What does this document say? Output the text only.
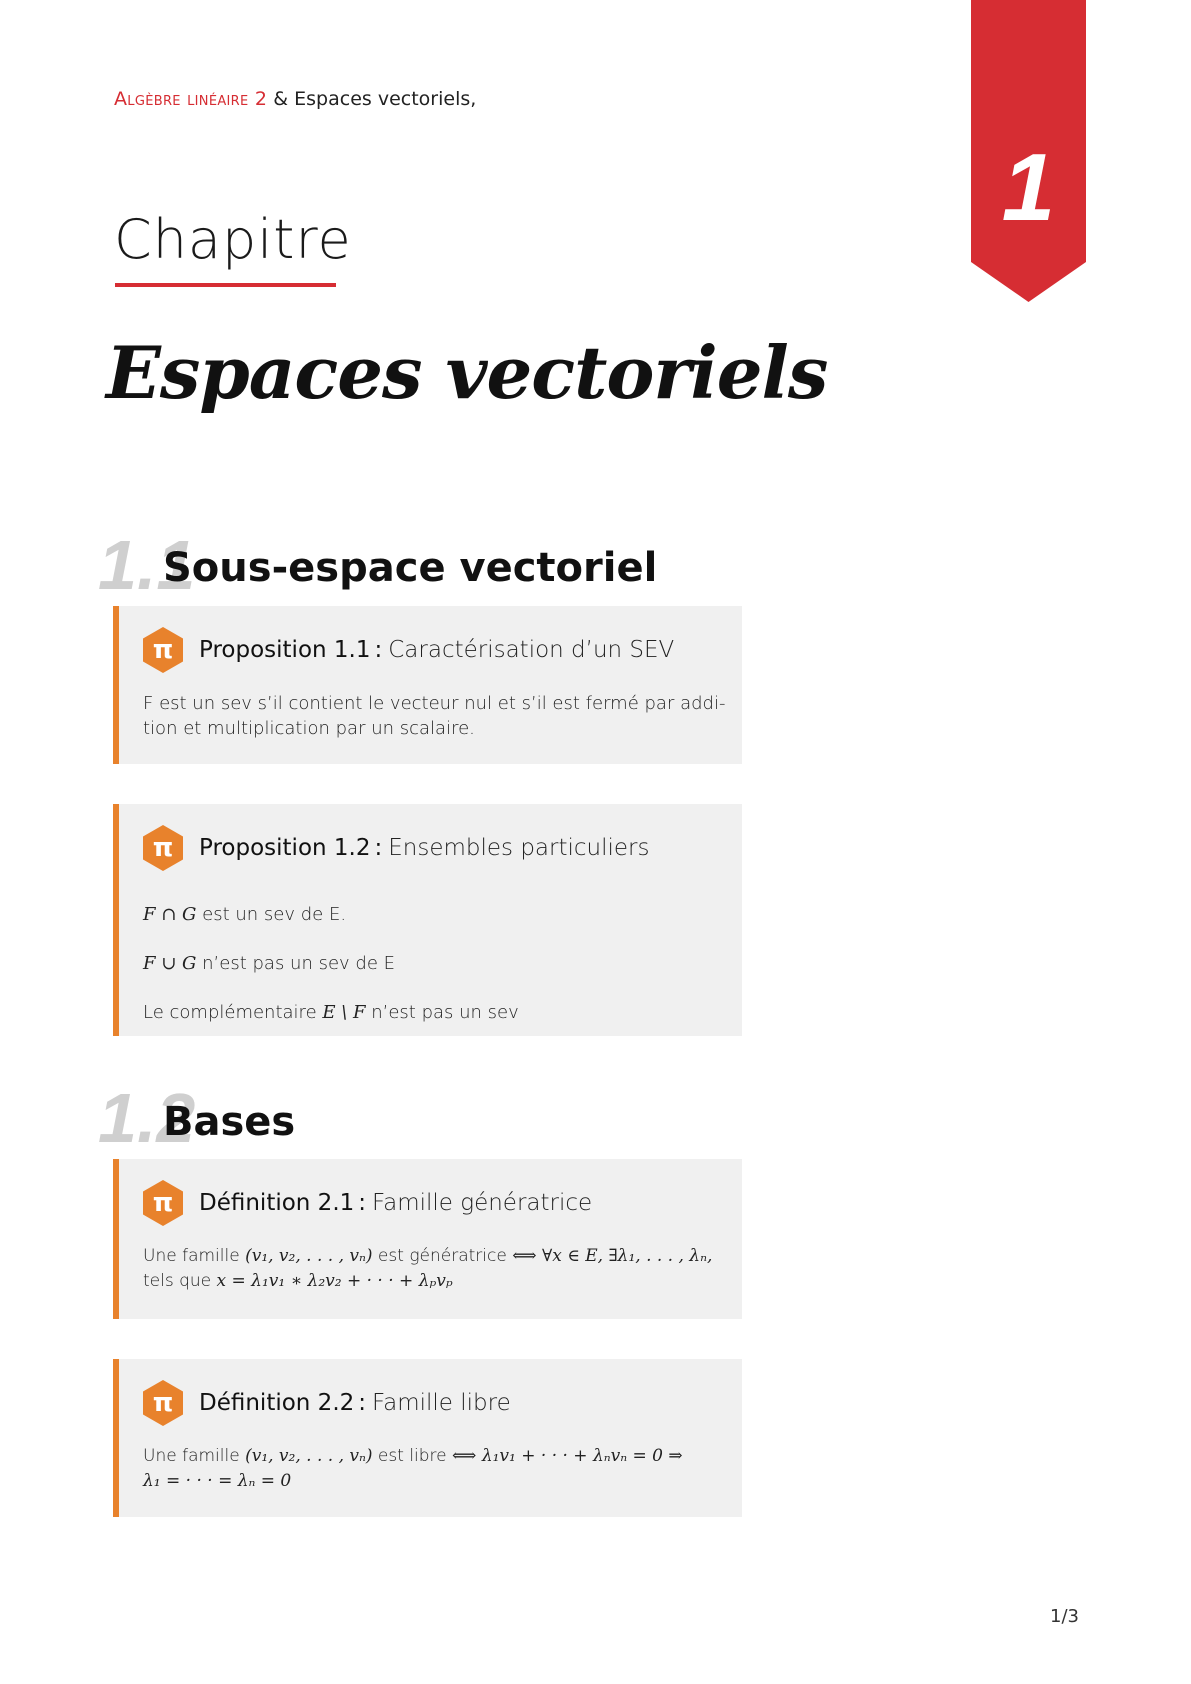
Algèbre linéaire 2 & Espaces vectoriels,
1
Chapitre
Espaces vectoriels
1.1
Sous-espace vectoriel
π	Proposition 1.1 : Caractérisation d’un SEV
F est un sev s’il contient le vecteur nul et s’il est fermé par addi-
tion et multiplication par un scalaire.
π	Proposition 1.2 : Ensembles particuliers
F ∩ G est un sev de E.
F ∪ G n’est pas un sev de E
Le complémentaire E \ F n’est pas un sev
1.2
Bases
π	Définition 2.1 : Famille génératrice
Une famille (v₁, v₂, . . . , vₙ) est génératrice ⟺ ∀x ∈ E, ∃λ₁, . . . , λₙ,
tels que x = λ₁v₁ ∗ λ₂v₂ + · · · + λₚvₚ
π	Définition 2.2 : Famille libre
Une famille (v₁, v₂, . . . , vₙ) est libre ⟺ λ₁v₁ + · · · + λₙvₙ = 0 ⇒
λ₁ = · · · = λₙ = 0
1/3
